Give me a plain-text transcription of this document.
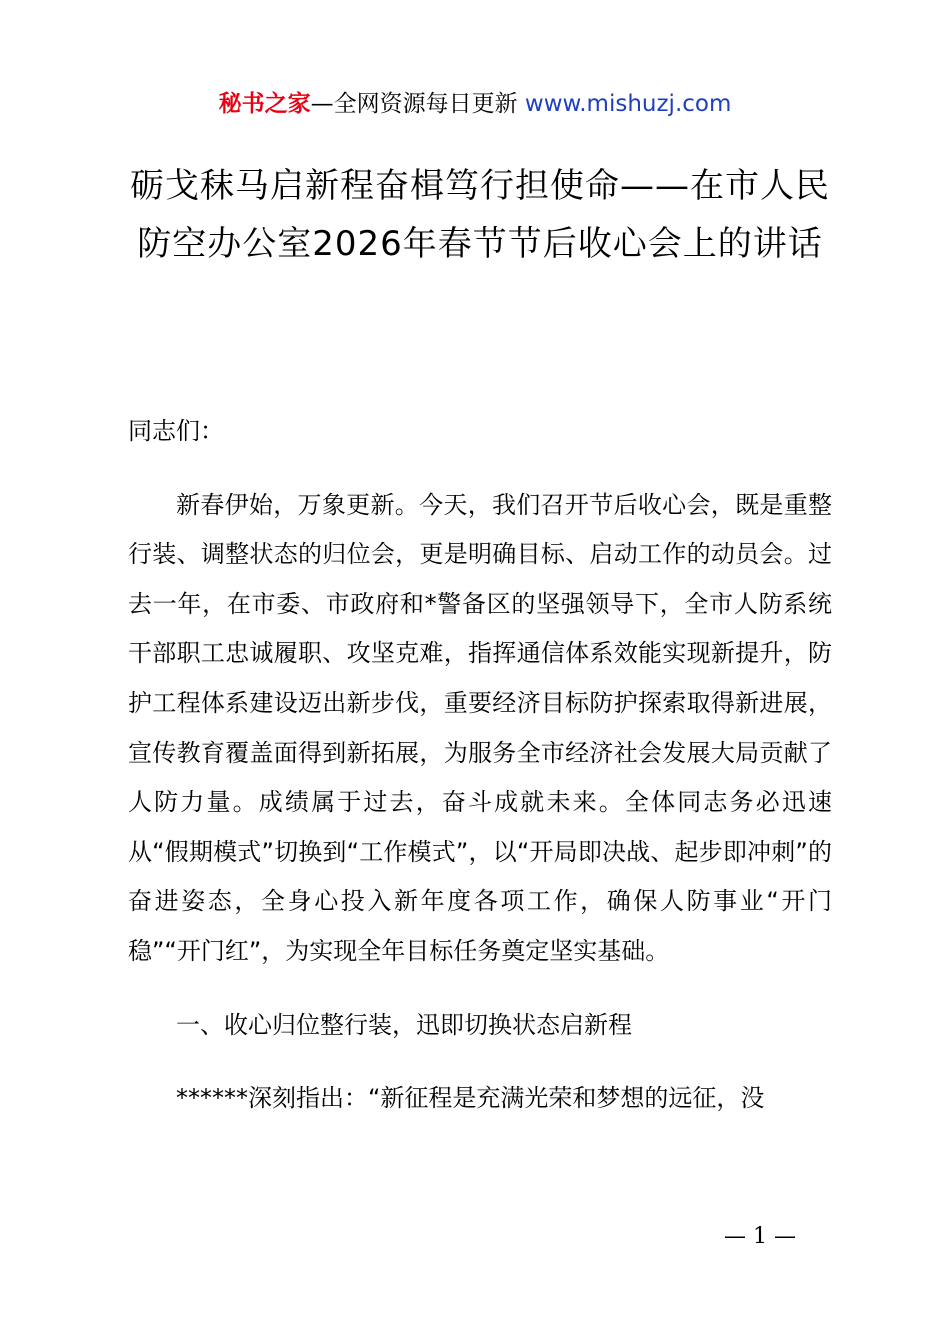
秘书之家—全网资源每日更新 www.mishuzj.com
砺戈秣马启新程奋楫笃行担使命——在市人民防空办公室2026年春节节后收心会上的讲话

同志们：

新春伊始，万象更新。今天，我们召开节后收心会，既是重整行装、调整状态的归位会，更是明确目标、启动工作的动员会。过去一年，在市委、市政府和*警备区的坚强领导下，全市人防系统干部职工忠诚履职、攻坚克难，指挥通信体系效能实现新提升，防护工程体系建设迈出新步伐，重要经济目标防护探索取得新进展，宣传教育覆盖面得到新拓展，为服务全市经济社会发展大局贡献了人防力量。成绩属于过去，奋斗成就未来。全体同志务必迅速从“假期模式”切换到“工作模式”，以“开局即决战、起步即冲刺”的奋进姿态，全身心投入新年度各项工作，确保人防事业“开门稳”“开门红”，为实现全年目标任务奠定坚实基础。

一、收心归位整行装，迅即切换状态启新程

******深刻指出：“新征程是充满光荣和梦想的远征，没

— 1 —
